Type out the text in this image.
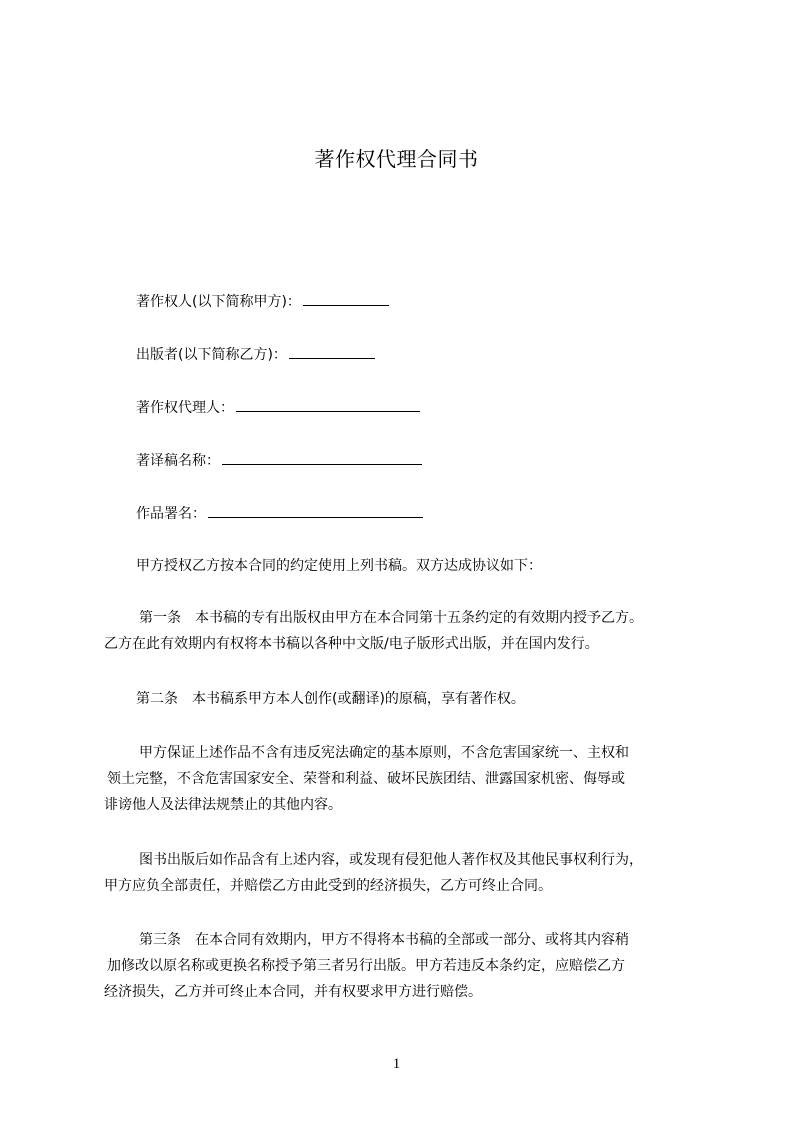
著作权代理合同书
著作权人(以下简称甲方)：
出版者(以下简称乙方)：
著作权代理人：
著译稿名称：
作品署名：
甲方授权乙方按本合同的约定使用上列书稿。双方达成协议如下：
第一条　本书稿的专有出版权由甲方在本合同第十五条约定的有效期内授予乙方。
乙方在此有效期内有权将本书稿以各种中文版/电子版形式出版，并在国内发行。
第二条　本书稿系甲方本人创作(或翻译)的原稿，享有著作权。
甲方保证上述作品不含有违反宪法确定的基本原则，不含危害国家统一、主权和
领土完整，不含危害国家安全、荣誉和利益、破坏民族团结、泄露国家机密、侮辱或
诽谤他人及法律法规禁止的其他内容。
图书出版后如作品含有上述内容，或发现有侵犯他人著作权及其他民事权利行为，
甲方应负全部责任，并赔偿乙方由此受到的经济损失，乙方可终止合同。
第三条　在本合同有效期内，甲方不得将本书稿的全部或一部分、或将其内容稍
加修改以原名称或更换名称授予第三者另行出版。甲方若违反本条约定，应赔偿乙方
经济损失，乙方并可终止本合同，并有权要求甲方进行赔偿。
1
